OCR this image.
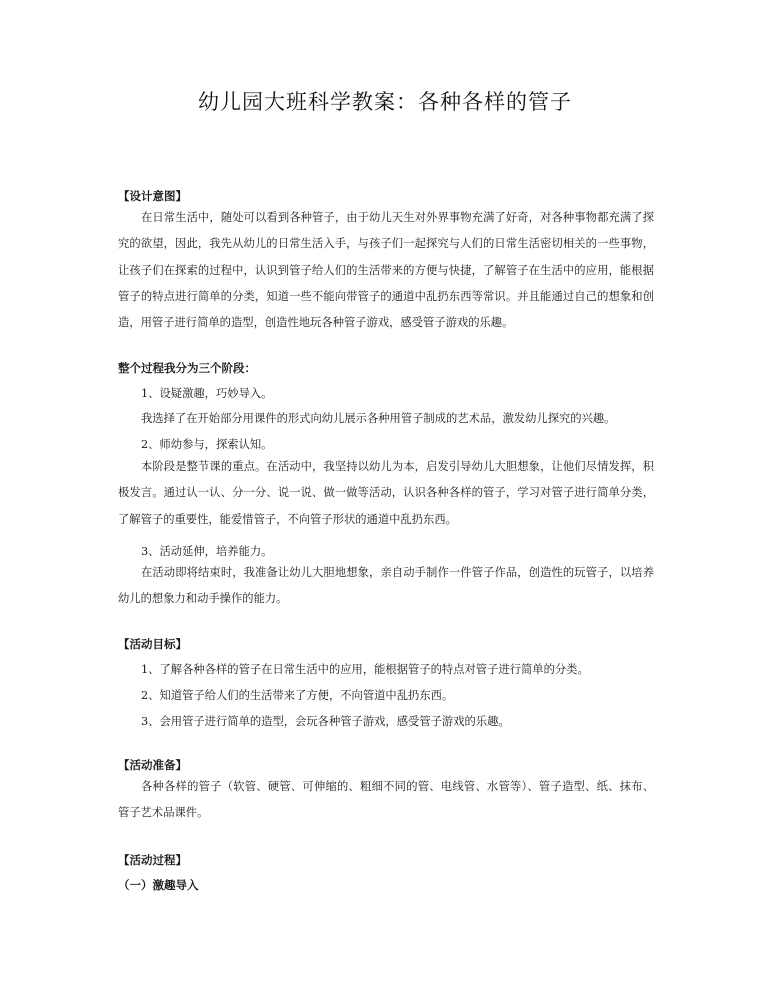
幼儿园大班科学教案：各种各样的管子
【设计意图】
在日常生活中，随处可以看到各种管子，由于幼儿天生对外界事物充满了好奇，对各种事物都充满了探究的欲望，因此，我先从幼儿的日常生活入手，与孩子们一起探究与人们的日常生活密切相关的一些事物，让孩子们在探索的过程中，认识到管子给人们的生活带来的方便与快捷，了解管子在生活中的应用，能根据管子的特点进行简单的分类，知道一些不能向带管子的通道中乱扔东西等常识。并且能通过自己的想象和创造，用管子进行简单的造型，创造性地玩各种管子游戏，感受管子游戏的乐趣。
整个过程我分为三个阶段：
1、设疑激趣，巧妙导入。
我选择了在开始部分用课件的形式向幼儿展示各种用管子制成的艺术品，激发幼儿探究的兴趣。
2、师幼参与，探索认知。
本阶段是整节课的重点。在活动中，我坚持以幼儿为本，启发引导幼儿大胆想象，让他们尽情发挥，积极发言。通过认一认、分一分、说一说、做一做等活动，认识各种各样的管子，学习对管子进行简单分类，了解管子的重要性，能爱惜管子，不向管子形状的通道中乱扔东西。
3、活动延伸，培养能力。
在活动即将结束时，我准备让幼儿大胆地想象，亲自动手制作一件管子作品，创造性的玩管子，以培养幼儿的想象力和动手操作的能力。
【活动目标】
1、了解各种各样的管子在日常生活中的应用，能根据管子的特点对管子进行简单的分类。
2、知道管子给人们的生活带来了方便，不向管道中乱扔东西。
3、会用管子进行简单的造型，会玩各种管子游戏，感受管子游戏的乐趣。
【活动准备】
各种各样的管子（软管、硬管、可伸缩的、粗细不同的管、电线管、水管等）、管子造型、纸、抹布、管子艺术品课件。
【活动过程】
（一）激趣导入
